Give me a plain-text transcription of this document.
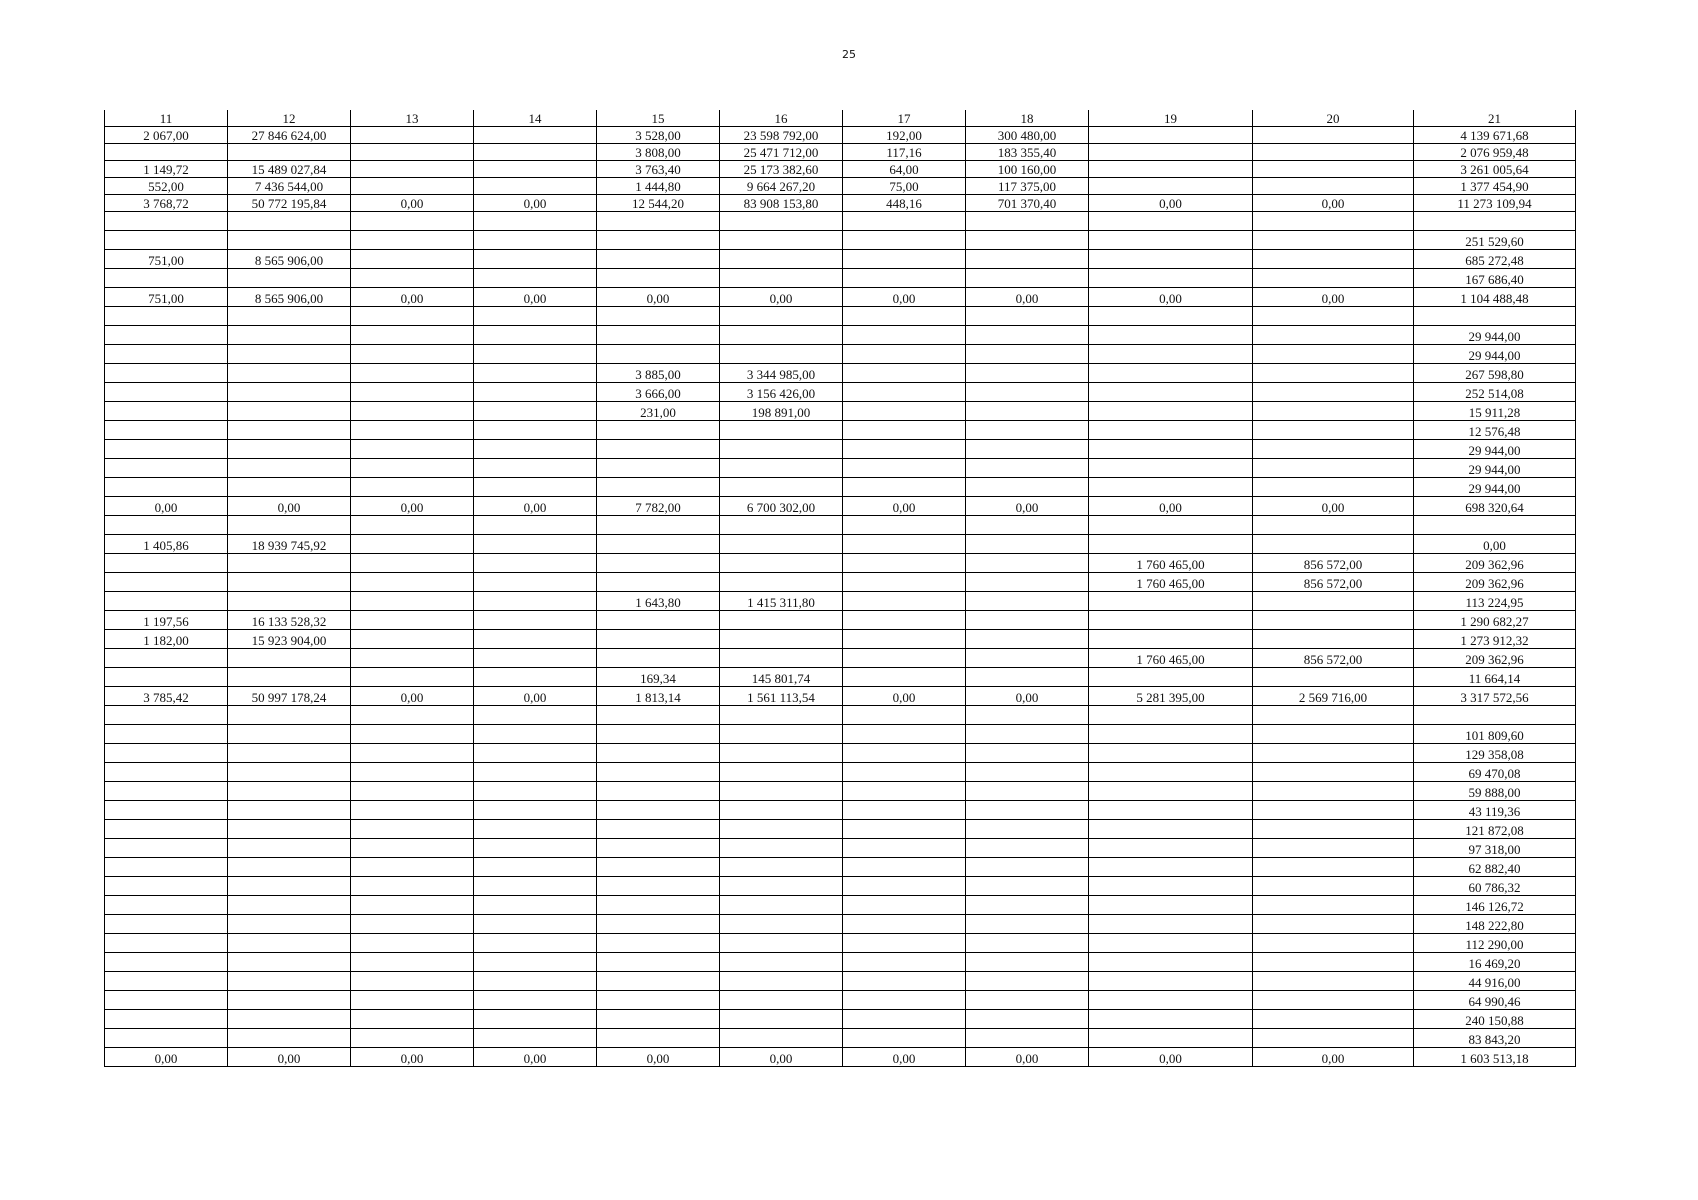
25
11	12	13	14	15	16	17	18	19	20	21
2 067,00	27 846 624,00			3 528,00	23 598 792,00	192,00	300 480,00			4 139 671,68
				3 808,00	25 471 712,00	117,16	183 355,40			2 076 959,48
1 149,72	15 489 027,84			3 763,40	25 173 382,60	64,00	100 160,00			3 261 005,64
552,00	7 436 544,00			1 444,80	9 664 267,20	75,00	117 375,00			1 377 454,90
3 768,72	50 772 195,84	0,00	0,00	12 544,20	83 908 153,80	448,16	701 370,40	0,00	0,00	11 273 109,94

										251 529,60
751,00	8 565 906,00									685 272,48
										167 686,40
751,00	8 565 906,00	0,00	0,00	0,00	0,00	0,00	0,00	0,00	0,00	1 104 488,48

										29 944,00
										29 944,00
				3 885,00	3 344 985,00					267 598,80
				3 666,00	3 156 426,00					252 514,08
				231,00	198 891,00					15 911,28
										12 576,48
										29 944,00
										29 944,00
										29 944,00
0,00	0,00	0,00	0,00	7 782,00	6 700 302,00	0,00	0,00	0,00	0,00	698 320,64

1 405,86	18 939 745,92									0,00
								1 760 465,00	856 572,00	209 362,96
								1 760 465,00	856 572,00	209 362,96
				1 643,80	1 415 311,80					113 224,95
1 197,56	16 133 528,32									1 290 682,27
1 182,00	15 923 904,00									1 273 912,32
								1 760 465,00	856 572,00	209 362,96
				169,34	145 801,74					11 664,14
3 785,42	50 997 178,24	0,00	0,00	1 813,14	1 561 113,54	0,00	0,00	5 281 395,00	2 569 716,00	3 317 572,56

										101 809,60
										129 358,08
										69 470,08
										59 888,00
										43 119,36
										121 872,08
										97 318,00
										62 882,40
										60 786,32
										146 126,72
										148 222,80
										112 290,00
										16 469,20
										44 916,00
										64 990,46
										240 150,88
										83 843,20
0,00	0,00	0,00	0,00	0,00	0,00	0,00	0,00	0,00	0,00	1 603 513,18
